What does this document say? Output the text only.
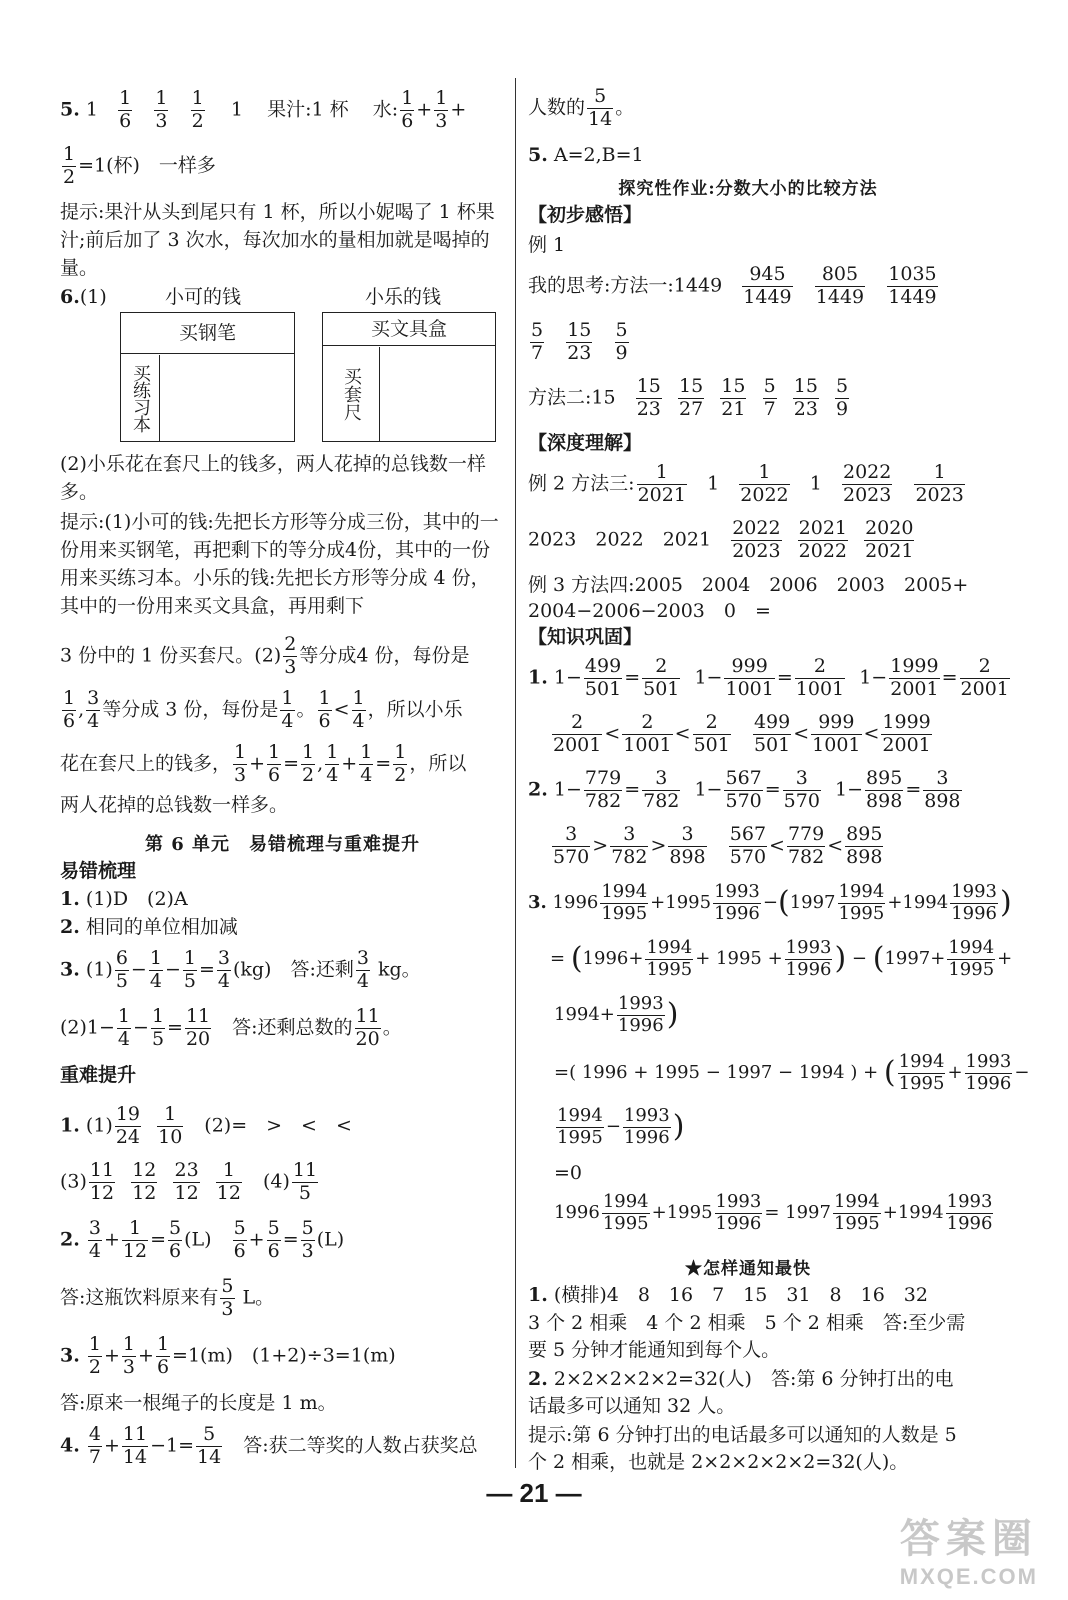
5. $1 \frac{1}{6}$
$\frac{1}{3}$
$\frac{1}{2} 1$ 果汁:1 杯 水: $\frac{1}{6} + \frac{1}{3}$ +
$\frac{1}{2} =1$(杯)　一样多
提示:果汁从头到尾只有 1 杯，所以小妮喝了 1 杯果汁;前后加了 3 次水，每次加水的量相加就是喝掉的量。
6.(1)	小可的钱	小乐的钱
买钢笔
买练习本
买文具盒
买套尺
(2)小乐花在套尺上的钱多，两人花掉的总钱数一样多。
提示:(1)小可的钱:先把长方形等分成三份，其中的一份用来买钢笔，再把剩下的等分成4份，其中的一份用来买练习本。小乐的钱:先把长方形等分成 4 份，其中的一份用来买文具盒，再用剩下
3 份中的 1 份买套尺。$(2) \frac{2}{3}$ 等分成4 份，每份是
$\frac{1}{6}$ , $\frac{3}{4}$ 等分成 3 份，每份是 $\frac{1}{4}$ 。 $\frac{1}{6} < \frac{1}{4}$ ，所以小乐
花在套尺上的钱多， $\frac{1}{3} + \frac{1}{6} = \frac{1}{2}$ , $\frac{1}{4} + \frac{1}{4} = \frac{1}{2}$ ，所以
两人花掉的总钱数一样多。
第 6 单元　易错梳理与重难提升
易错梳理
1. (1)D　(2)A
2. 相同的单位相加减
3. $(1) \frac{6}{5} - \frac{1}{4} - \frac{1}{5} = \frac{3}{4} (kg)$　答:还剩 $\frac{3}{4}$ kg。
$(2)1- \frac{1}{4} - \frac{1}{5} = \frac{11}{20}$ 　答:还剩总数的 $\frac{11}{20}$ 。
重难提升
1. $(1) \frac{19}{24}$
$\frac{1}{10}$ 　(2)=　>　<　<
$(3) \frac{11}{12}$
$\frac{12}{12}$
$\frac{23}{12}$
$\frac{1}{12}$ 　$(4) \frac{11}{5}$
2. $\frac{3}{4} + \frac{1}{12} = \frac{5}{6} (L)$　 $\frac{5}{6} + \frac{5}{6} = \frac{5}{3} (L)$
答:这瓶饮料原来有 $\frac{5}{3}$ L。
3. $\frac{1}{2} + \frac{1}{3} + \frac{1}{6} =1(m)$　(1+2)÷3=1(m)
答:原来一根绳子的长度是 1 m。
4. $\frac{4}{7} + \frac{11}{14} -1= \frac{5}{14}$ 　答:获二等奖的人数占获奖总
人数的 $\frac{5}{14}$ 。
5. A=2,B=1
探究性作业:分数大小的比较方法
【初步感悟】
例 1
我的思考:方法一:1449 $\frac{945}{1449}$
$\frac{805}{1449}$
$\frac{1035}{1449}$
$\frac{5}{7}$
$\frac{15}{23}$
$\frac{5}{9}$
方法二:15 $\frac{15}{23}$
$\frac{15}{27}$
$\frac{15}{21}$
$\frac{5}{7}$
$\frac{15}{23}$
$\frac{5}{9}$
【深度理解】
例 2 方法三: $\frac{1}{2021} 1 \frac{1}{2022} 1 \frac{2022}{2023}$
$\frac{1}{2023}$
2023　2022　$2021 \frac{2022}{2023}$
$\frac{2021}{2022}$
$\frac{2020}{2021}$
例 3 方法四:2005　2004　2006　2003　2005+
2004−2006−2003　0　=
【知识巩固】
1. $1- \frac{499}{501} = \frac{2}{501} 1- \frac{999}{1001} = \frac{2}{1001} 1- \frac{1999}{2001} = \frac{2}{2001}$
$\frac{2}{2001} < \frac{2}{1001} < \frac{2}{501}$
$\frac{499}{501} < \frac{999}{1001} < \frac{1999}{2001}$
2. $1- \frac{779}{782} = \frac{3}{782} 1- \frac{567}{570} = \frac{3}{570} 1- \frac{895}{898} = \frac{3}{898}$
$\frac{3}{570} > \frac{3}{782} > \frac{3}{898}$
$\frac{567}{570} < \frac{779}{782} < \frac{895}{898}$
3. $1996 \frac{1994}{1995} +1995 \frac{1993}{1996} -(1997 \frac{1994}{1995} +1994 \frac{1993}{1996}$ )
= ($1996+ \frac{1994}{1995} + 1995 + \frac{1993}{1996}$ ) − ($1997+ \frac{1994}{1995}$ +
$1994+ \frac{1993}{1996}$ )
=( 1996 + 1995 − 1997 − 1994 ) + ( $\frac{1994}{1995} + \frac{1993}{1996}$ −
$\frac{1994}{1995} - \frac{1993}{1996}$ )
=0
$1996 \frac{1994}{1995} +1995 \frac{1993}{1996} = 1997 \frac{1994}{1995} +1994 \frac{1993}{1996}$
★怎样通知最快
1. (横排)4　8　16　7　15　31　8　16　32
3 个 2 相乘　4 个 2 相乘　5 个 2 相乘　答:至少需要 5 分钟才能通知到每个人。
2. 2×2×2×2×2=32(人)　答:第 6 分钟打出的电话最多可以通知 32 人。
提示:第 6 分钟打出的电话最多可以通知的人数是 5 个 2 相乘，也就是 2×2×2×2×2=32(人)。
— 21 —
答案圈
MXQE.COM
